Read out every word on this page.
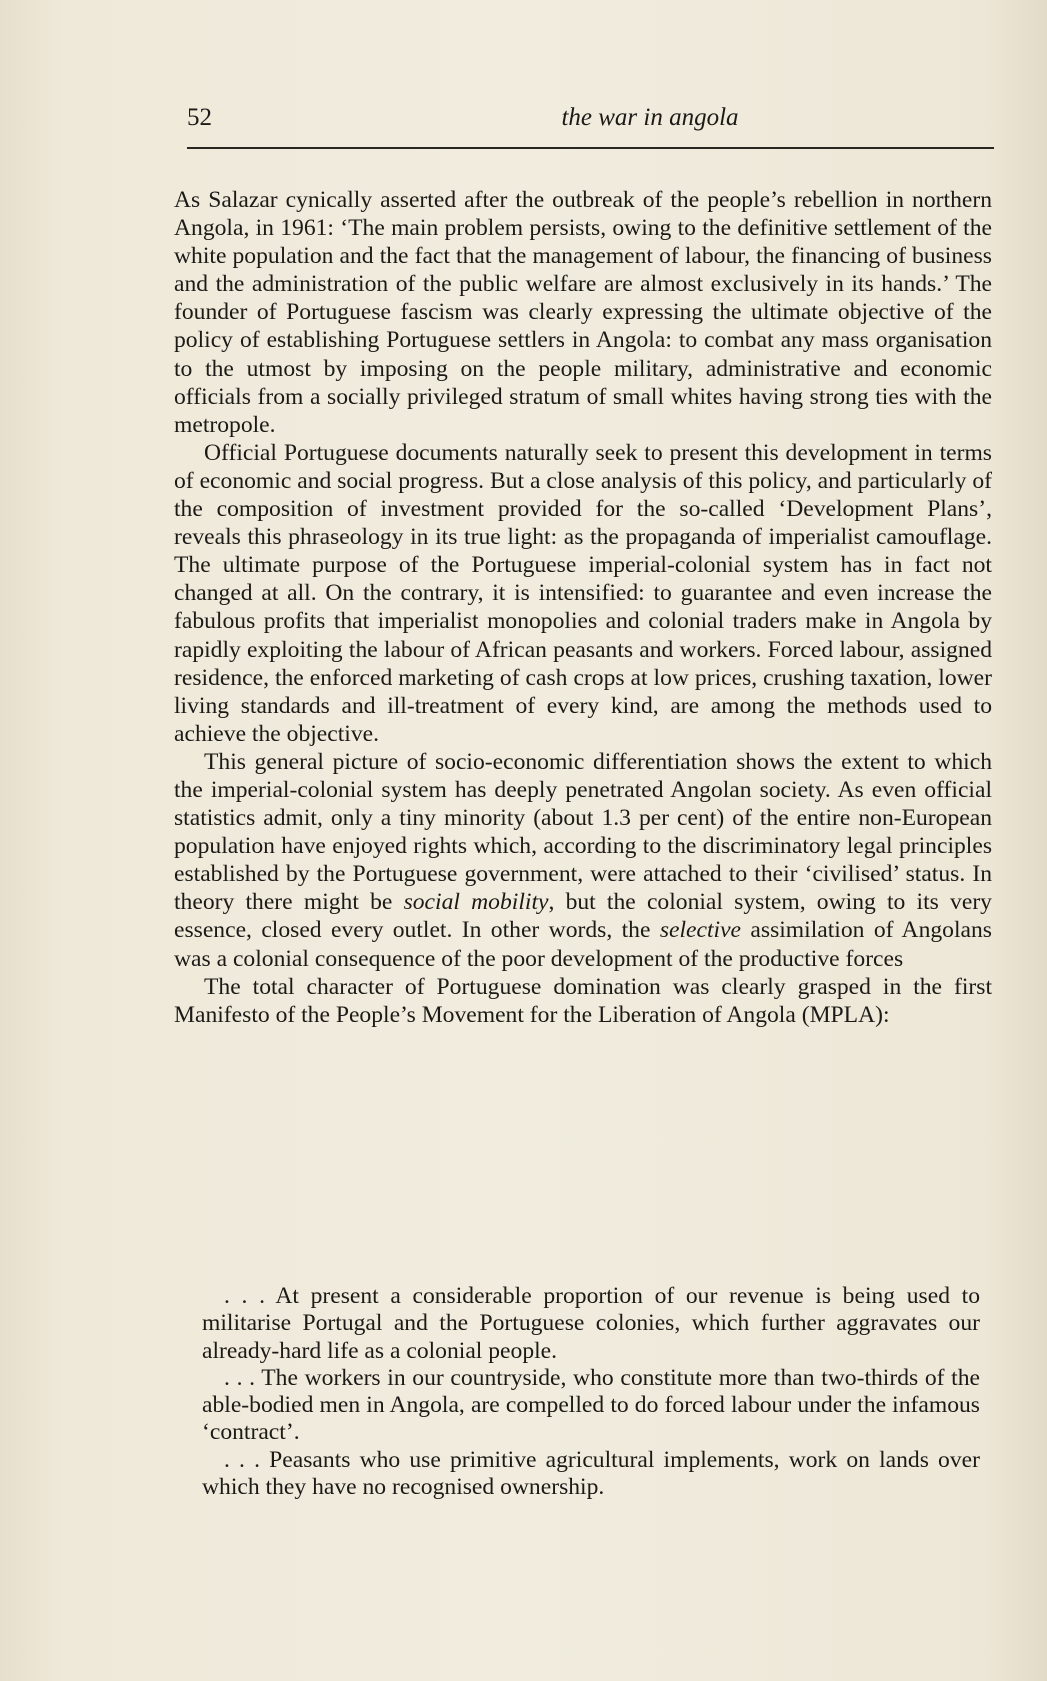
52	the war in angola

As Salazar cynically asserted after the outbreak of the people’s rebellion in northern Angola, in 1961: ‘The main problem persists, owing to the definitive settlement of the white population and the fact that the management of labour, the financing of business and the administration of the public welfare are almost exclusively in its hands.’ The founder of Portuguese fascism was clearly expressing the ultimate objective of the policy of establishing Portuguese settlers in Angola: to combat any mass organisation to the utmost by imposing on the people military, administrative and economic officials from a socially privileged stratum of small whites having strong ties with the metropole.

Official Portuguese documents naturally seek to present this development in terms of economic and social progress. But a close analysis of this policy, and particularly of the composition of investment provided for the so-called ‘Development Plans’, reveals this phraseology in its true light: as the propaganda of imperialist camouflage. The ultimate purpose of the Portuguese imperial-colonial system has in fact not changed at all. On the contrary, it is intensified: to guarantee and even increase the fabulous profits that imperialist monopolies and colonial traders make in Angola by rapidly exploiting the labour of African peasants and workers. Forced labour, assigned residence, the enforced marketing of cash crops at low prices, crushing taxation, lower living standards and ill-treatment of every kind, are among the methods used to achieve the objective.

This general picture of socio-economic differentiation shows the extent to which the imperial-colonial system has deeply penetrated Angolan society. As even official statistics admit, only a tiny minority (about 1.3 per cent) of the entire non-European population have enjoyed rights which, according to the discriminatory legal principles established by the Portuguese government, were attached to their ‘civilised’ status. In theory there might be social mobility, but the colonial system, owing to its very essence, closed every outlet. In other words, the selective assimilation of Angolans was a colonial consequence of the poor development of the productive forces

The total character of Portuguese domination was clearly grasped in the first Manifesto of the People’s Movement for the Liberation of Angola (MPLA):

. . . At present a considerable proportion of our revenue is being used to militarise Portugal and the Portuguese colonies, which further aggravates our already-hard life as a colonial people.

. . . The workers in our countryside, who constitute more than two-thirds of the able-bodied men in Angola, are compelled to do forced labour under the infamous ‘contract’.

. . . Peasants who use primitive agricultural implements, work on lands over which they have no recognised ownership.
